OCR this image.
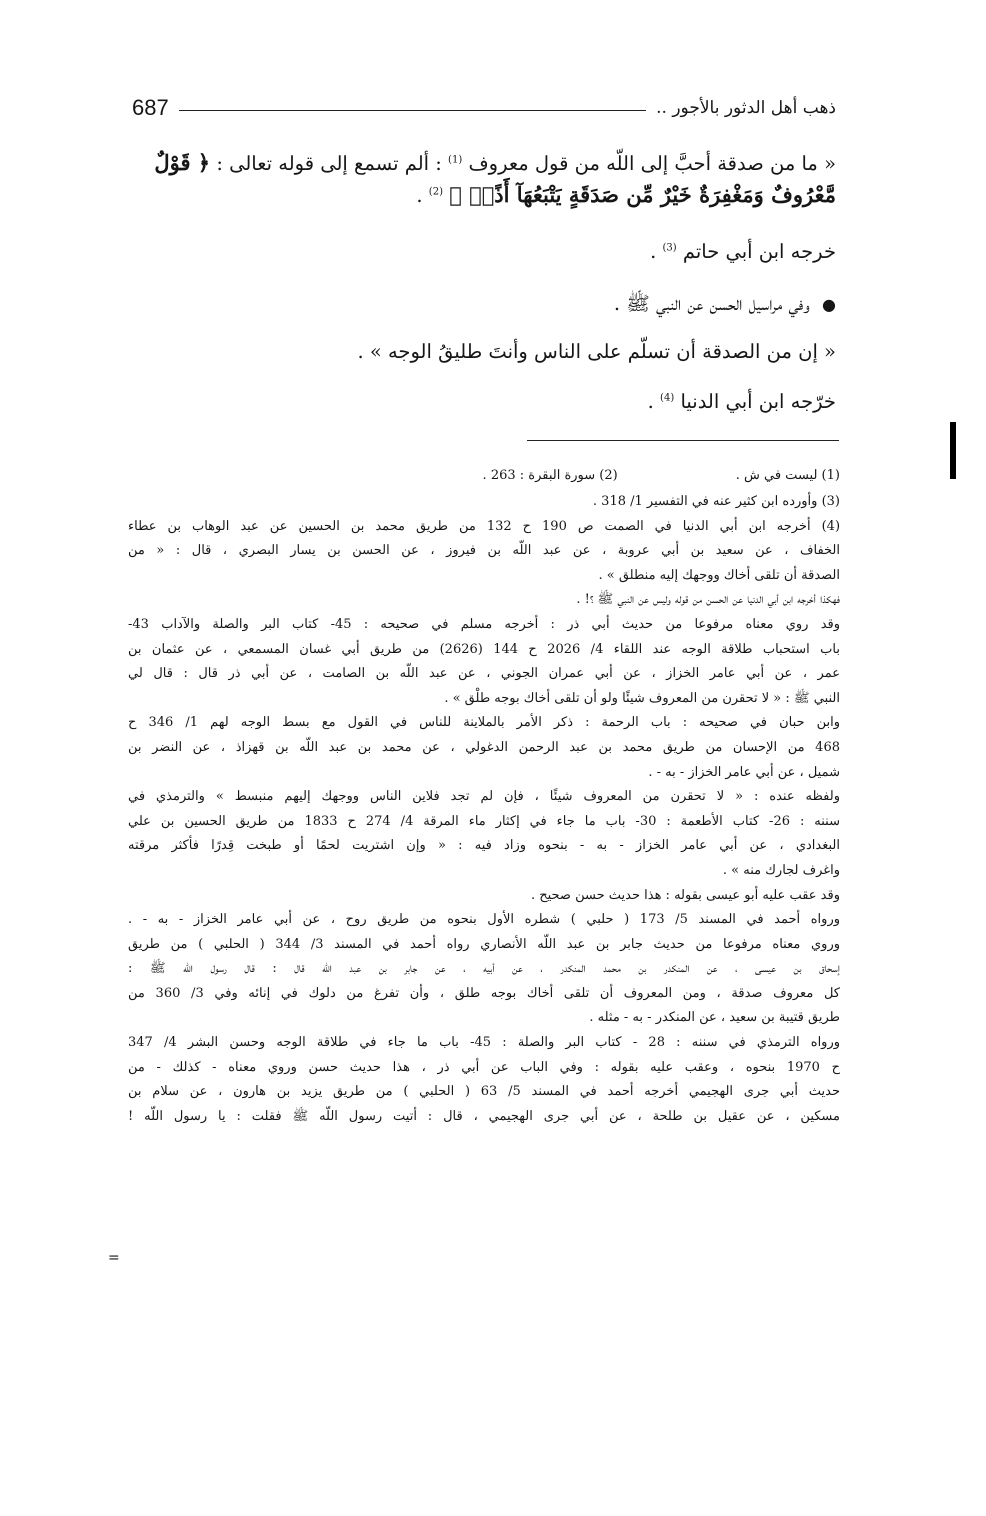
687	ذهب أهل الدثور بالأجور ..

« ما من صدقة أحبَّ إلى اللّه من قول معروف $^{(1)}$ : ألم تسمع إلى قوله تعالى : ﴿ قَوْلٌ

مَّعْرُوفٌ وَمَغْفِرَةٌ خَيْرٌ مِّن صَدَقَةٍ يَتْبَعُهَآ أَذًىۗ ﴾ $^{(2)}$ .

خرجه ابن أبي حاتم $^{(3)}$ .

● وفي مراسيل الحسن عن النبي ﷺ .

« إن من الصدقة أن تسلّم على الناس وأنتَ طليقُ الوجه » .

خرّجه ابن أبي الدنيا $^{(4)}$ .

(1) ليست في ش .(2) سورة البقرة : 263 .
(3) وأورده ابن كثير عنه في التفسير 1/ 318 .
(4) أخرجه ابن أبي الدنيا في الصمت ص 190 ح 132 من طريق محمد بن الحسين عن عبد الوهاب بن عطاء
الخفاف ، عن سعيد بن أبي عروبة ، عن عبد اللّه بن فيروز ، عن الحسن بن يسار البصري ، قال : « من
الصدقة أن تلقى أخاك ووجهك إليه منطلق » .
فهكذا أخرجه ابن أبي الدنيا عن الحسن من قوله وليس عن النبي ﷺ ؟! .
وقد روي معناه مرفوعا من حديث أبي ذر : أخرجه مسلم في صحيحه : 45- كتاب البر والصلة والآداب 43-
باب استحباب طلاقة الوجه عند اللقاء 4/ 2026 ح 144 (2626) من طريق أبي غسان المسمعي ، عن عثمان بن
عمر ، عن أبي عامر الخزاز ، عن أبي عمران الجوني ، عن عبد اللّه بن الصامت ، عن أبي ذر قال : قال لي
النبي ﷺ : « لا تحقرن من المعروف شيئًا ولو أن تلقى أخاك بوجه طلْق » .
وابن حبان في صحيحه : باب الرحمة : ذكر الأمر بالملاينة للناس في القول مع بسط الوجه لهم 1/ 346 ح
468 من الإحسان من طريق محمد بن عبد الرحمن الدغولي ، عن محمد بن عبد اللّه بن قهزاذ ، عن النضر بن
شميل ، عن أبي عامر الخزاز - به - .
ولفظه عنده : « لا تحقرن من المعروف شيئًا ، فإن لم تجد فلاين الناس ووجهك إليهم منبسط » والترمذي في
سننه : 26- كتاب الأطعمة : 30- باب ما جاء في إكثار ماء المرقة 4/ 274 ح 1833 من طريق الحسين بن علي
البغدادي ، عن أبي عامر الخزاز - به - بنحوه وزاد فيه : « وإن اشتريت لحمًا أو طبخت قِدرًا فأكثر مرقته
واغرف لجارك منه » .
وقد عقب عليه أبو عيسى بقوله : هذا حديث حسن صحيح .
ورواه أحمد في المسند 5/ 173 ( حلبي ) شطره الأول بنحوه من طريق روح ، عن أبي عامر الخزاز - به - .
وروي معناه مرفوعا من حديث جابر بن عبد اللّه الأنصاري رواه أحمد في المسند 3/ 344 ( الحلبي ) من طريق
إسحاق بن عيسى ، عن المنكدر بن محمد المنكدر ، عن أبيه ، عن جابر بن عبد اللّه قال : قال رسول اللّه ﷺ :
كل معروف صدقة ، ومن المعروف أن تلقى أخاك بوجه طلق ، وأن تفرغ من دلوك في إنائه وفي 3/ 360 من
طريق قتيبة بن سعيد ، عن المنكدر - به - مثله .
ورواه الترمذي في سننه : 28 - كتاب البر والصلة : 45- باب ما جاء في طلاقة الوجه وحسن البشر 4/ 347
ح 1970 بنحوه ، وعقب عليه بقوله : وفي الباب عن أبي ذر ، هذا حديث حسن وروي معناه - كذلك - من
حديث أبي جرى الهجيمي أخرجه أحمد في المسند 5/ 63 ( الحلبي ) من طريق يزيد بن هارون ، عن سلام بن
مسكين ، عن عقيل بن طلحة ، عن أبي جرى الهجيمي ، قال : أتيت رسول اللّه ﷺ فقلت : يا رسول اللّه !
=
